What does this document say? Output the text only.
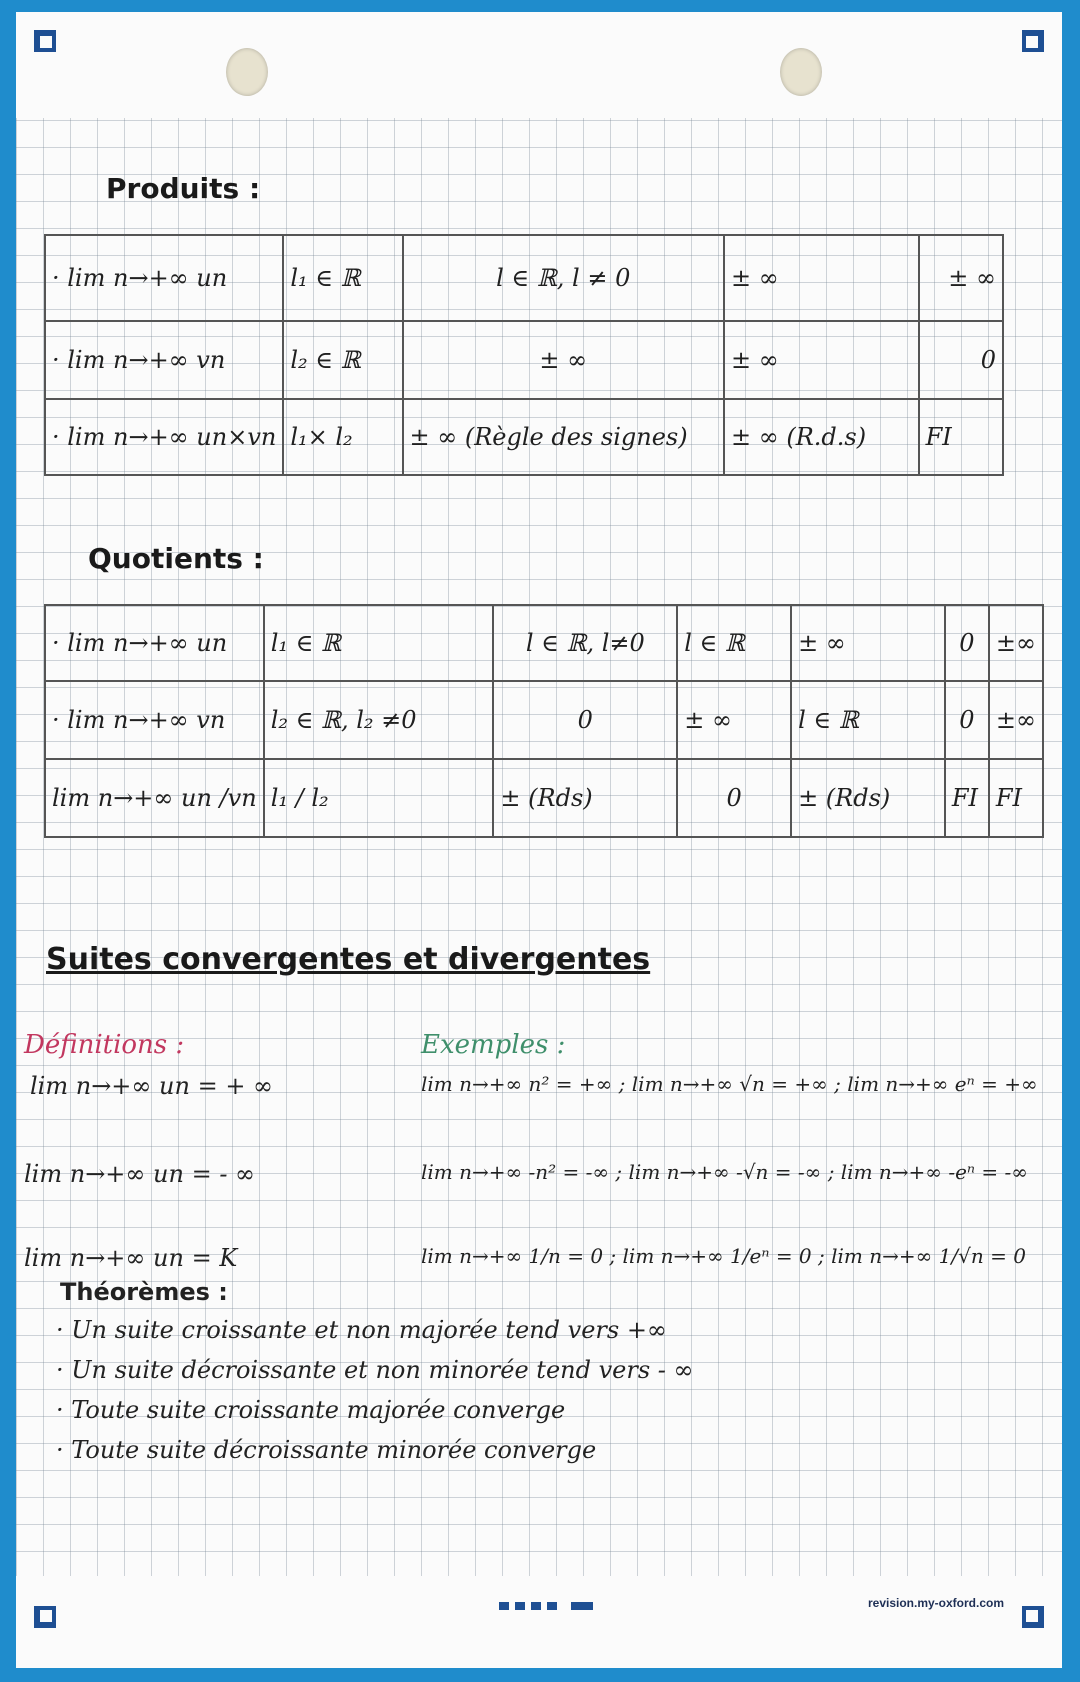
Produits :
· lim n→+∞ un	l₁ ∈ ℝ	l ∈ ℝ, l ≠ 0	± ∞	± ∞
· lim n→+∞ vn	l₂ ∈ ℝ	± ∞	± ∞	0
· lim n→+∞ un×vn	l₁× l₂	± ∞ (Règle des signes)	± ∞ (R.d.s)	FI
Quotients :
· lim n→+∞ un	l₁ ∈ ℝ	l ∈ ℝ, l≠0	l ∈ ℝ	± ∞	0	±∞
· lim n→+∞ vn	l₂ ∈ ℝ, l₂ ≠0	0	± ∞	l ∈ ℝ	0	±∞
lim n→+∞ un /vn	l₁ / l₂	± (Rds)	0	± (Rds)	FI	FI
Suites convergentes et divergentes
Définitions :
lim n→+∞ un = + ∞
lim n→+∞ un = - ∞
lim n→+∞ un = K
Exemples :
lim n→+∞ n² = +∞ ; lim n→+∞ √n = +∞ ; lim n→+∞ eⁿ = +∞
lim n→+∞ -n² = -∞ ; lim n→+∞ -√n = -∞ ; lim n→+∞ -eⁿ = -∞
lim n→+∞ 1/n = 0 ; lim n→+∞ 1/eⁿ = 0 ; lim n→+∞ 1/√n = 0
Théorèmes :
· Un suite croissante et non majorée tend vers +∞
· Un suite décroissante et non minorée tend vers - ∞
· Toute suite croissante majorée converge
· Toute suite décroissante minorée converge
revision.my-oxford.com
